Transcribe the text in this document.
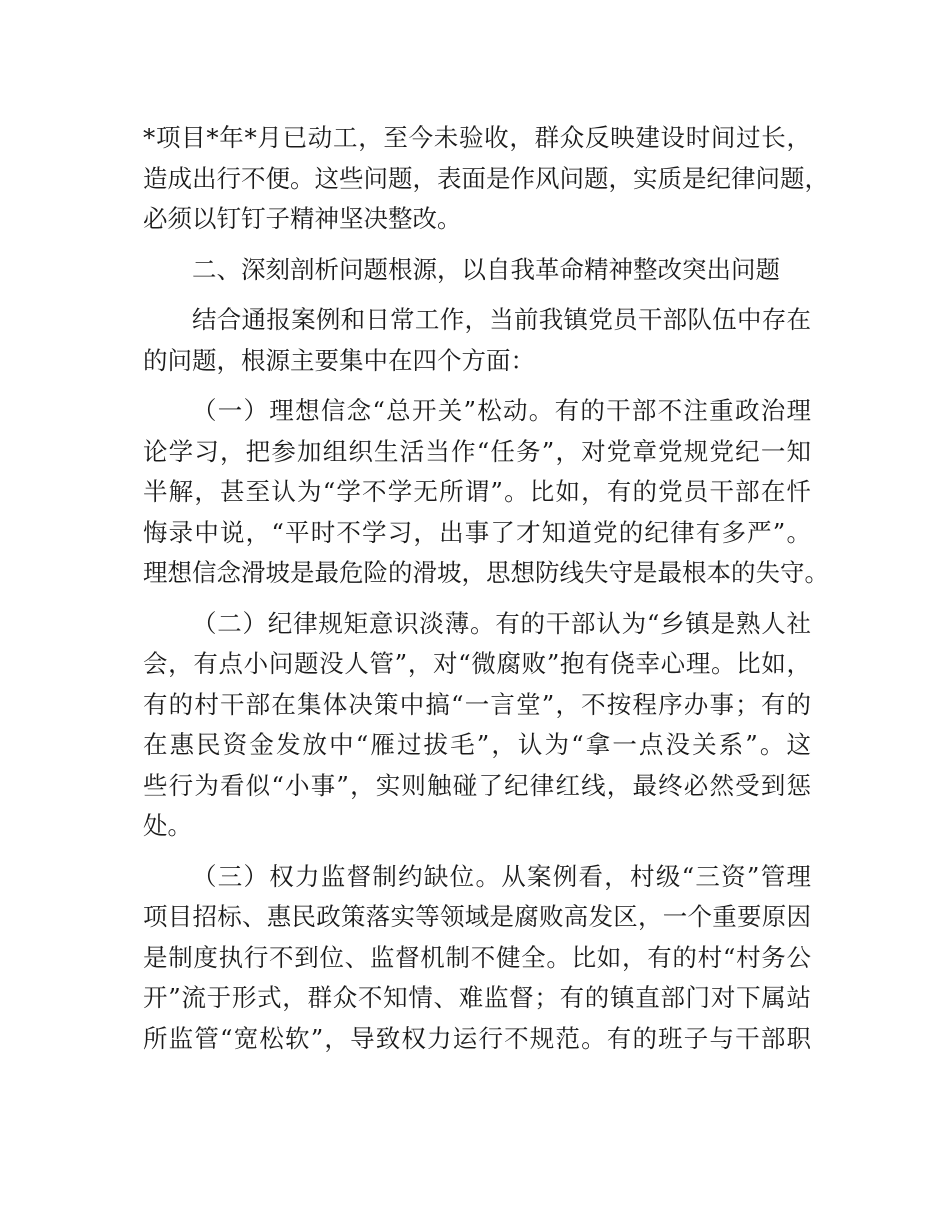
*项目*年*月已动工，至今未验收，群众反映建设时间过长，
造成出行不便。这些问题，表面是作风问题，实质是纪律问题，
必须以钉钉子精神坚决整改。
二、深刻剖析问题根源，以自我革命精神整改突出问题
结合通报案例和日常工作，当前我镇党员干部队伍中存在
的问题，根源主要集中在四个方面：
（一）理想信念“总开关”松动。有的干部不注重政治理
论学习，把参加组织生活当作“任务”，对党章党规党纪一知
半解，甚至认为“学不学无所谓”。比如，有的党员干部在忏
悔录中说，“平时不学习，出事了才知道党的纪律有多严”。
理想信念滑坡是最危险的滑坡，思想防线失守是最根本的失守。
（二）纪律规矩意识淡薄。有的干部认为“乡镇是熟人社
会，有点小问题没人管”，对“微腐败”抱有侥幸心理。比如，
有的村干部在集体决策中搞“一言堂”，不按程序办事；有的
在惠民资金发放中“雁过拔毛”，认为“拿一点没关系”。这
些行为看似“小事”，实则触碰了纪律红线，最终必然受到惩
处。
（三）权力监督制约缺位。从案例看，村级“三资”管理
项目招标、惠民政策落实等领域是腐败高发区，一个重要原因
是制度执行不到位、监督机制不健全。比如，有的村“村务公
开”流于形式，群众不知情、难监督；有的镇直部门对下属站
所监管“宽松软”，导致权力运行不规范。有的班子与干部职
